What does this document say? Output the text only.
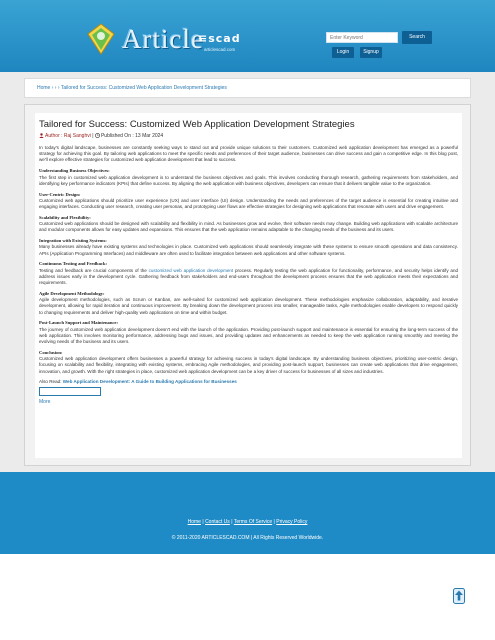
Article
≡scad
articlescad.com
Enter Keyword
Search
Login	Signup
Home › › › Tailored for Success: Customized Web Application Development Strategies
Tailored for Success: Customized Web Application Development Strategies
Author : Raj Sanghvi | Published On : 13 Mar 2024
In today's digital landscape, businesses are constantly seeking ways to stand out and provide unique solutions to their customers. Customized web application development has emerged as a powerful strategy for achieving this goal. By tailoring web applications to meet the specific needs and preferences of their target audience, businesses can drive success and gain a competitive edge. In this blog post, we'll explore effective strategies for customized web application development that lead to success.
Understanding Business Objectives:
The first step in customized web application development is to understand the business objectives and goals. This involves conducting thorough research, gathering requirements from stakeholders, and identifying key performance indicators (KPIs) that define success. By aligning the web application with business objectives, developers can ensure that it delivers tangible value to the organization.
User-Centric Design:
Customized web applications should prioritize user experience (UX) and user interface (UI) design. Understanding the needs and preferences of the target audience is essential for creating intuitive and engaging interfaces. Conducting user research, creating user personas, and prototyping user flows are effective strategies for designing web applications that resonate with users and drive engagement.
Scalability and Flexibility:
Customized web applications should be designed with scalability and flexibility in mind. As businesses grow and evolve, their software needs may change. Building web applications with scalable architecture and modular components allows for easy updates and expansions. This ensures that the web application remains adaptable to the changing needs of the business and its users.
Integration with Existing Systems:
Many businesses already have existing systems and technologies in place. Customized web applications should seamlessly integrate with these systems to ensure smooth operations and data consistency. APIs (Application Programming Interfaces) and middleware are often used to facilitate integration between web applications and other software systems.
Continuous Testing and Feedback:
Testing and feedback are crucial components of the customized web application development process. Regularly testing the web application for functionality, performance, and security helps identify and address issues early in the development cycle. Gathering feedback from stakeholders and end-users throughout the development process ensures that the web application meets their expectations and requirements.
Agile Development Methodology:
Agile development methodologies, such as Scrum or Kanban, are well-suited for customized web application development. These methodologies emphasize collaboration, adaptability, and iterative development, allowing for rapid iteration and continuous improvement. By breaking down the development process into smaller, manageable tasks, Agile methodologies enable developers to respond quickly to changing requirements and deliver high-quality web applications on time and within budget.
Post-Launch Support and Maintenance:
The journey of customized web application development doesn't end with the launch of the application. Providing post-launch support and maintenance is essential for ensuring the long-term success of the web application. This involves monitoring performance, addressing bugs and issues, and providing updates and enhancements as needed to keep the web application running smoothly and meeting the evolving needs of the business and its users.
Conclusion:
Customized web application development offers businesses a powerful strategy for achieving success in today's digital landscape. By understanding business objectives, prioritizing user-centric design, focusing on scalability and flexibility, integrating with existing systems, embracing Agile methodologies, and providing post-launch support, businesses can create web applications that drive engagement, innovation, and growth. With the right strategies in place, customized web application development can be a key driver of success for businesses of all sizes and industries.
Also Read: Web Application Development: A Guide to Building Applications for Businesses
More
Home | Contact Us | Terms Of Service | Privacy Policy
© 2011-2020 ARTICLESCAD.COM | All Rights Reserved Worldwide.
